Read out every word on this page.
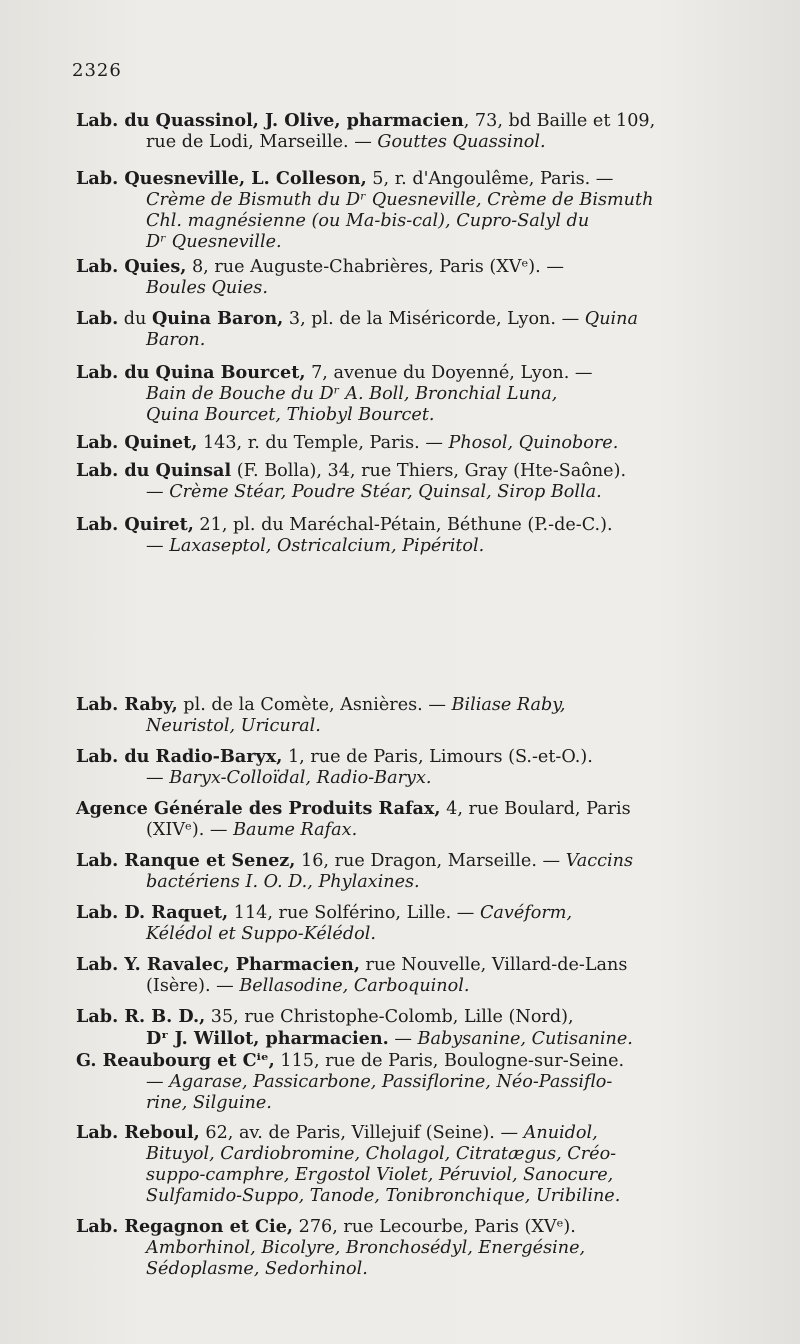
2326
Lab. du Quassinol, J. Olive, pharmacien, 73, bd Baille et 109,
rue de Lodi, Marseille. — Gouttes Quassinol.
Lab. Quesneville, L. Colleson, 5, r. d'Angoulême, Paris. —
Crème de Bismuth du Dʳ Quesneville, Crème de Bismuth
Chl. magnésienne (ou Ma-bis-cal), Cupro-Salyl du
Dʳ Quesneville.
Lab. Quies, 8, rue Auguste-Chabrières, Paris (XVᵉ). —
Boules Quies.
Lab. du Quina Baron, 3, pl. de la Miséricorde, Lyon. — Quina
Baron.
Lab. du Quina Bourcet, 7, avenue du Doyenné, Lyon. —
Bain de Bouche du Dʳ A. Boll, Bronchial Luna,
Quina Bourcet, Thiobyl Bourcet.
Lab. Quinet, 143, r. du Temple, Paris. — Phosol, Quinobore.
Lab. du Quinsal (F. Bolla), 34, rue Thiers, Gray (Hte-Saône).
— Crème Stéar, Poudre Stéar, Quinsal, Sirop Bolla.
Lab. Quiret, 21, pl. du Maréchal-Pétain, Béthune (P.-de-C.).
— Laxaseptol, Ostricalcium, Pipéritol.
Lab. Raby, pl. de la Comète, Asnières. — Biliase Raby,
Neuristol, Uricural.
Lab. du Radio-Baryx, 1, rue de Paris, Limours (S.-et-O.).
— Baryx-Colloïdal, Radio-Baryx.
Agence Générale des Produits Rafax, 4, rue Boulard, Paris
(XIVᵉ). — Baume Rafax.
Lab. Ranque et Senez, 16, rue Dragon, Marseille. — Vaccins
bactériens I. O. D., Phylaxines.
Lab. D. Raquet, 114, rue Solférino, Lille. — Cavéform,
Kélédol et Suppo-Kélédol.
Lab. Y. Ravalec, Pharmacien, rue Nouvelle, Villard-de-Lans
(Isère). — Bellasodine, Carboquinol.
Lab. R. B. D., 35, rue Christophe-Colomb, Lille (Nord),
Dʳ J. Willot, pharmacien. — Babysanine, Cutisanine.
G. Reaubourg et Cⁱᵉ, 115, rue de Paris, Boulogne-sur-Seine.
— Agarase, Passicarbone, Passiflorine, Néo-Passiflo-
rine, Silguine.
Lab. Reboul, 62, av. de Paris, Villejuif (Seine). — Anuidol,
Bituyol, Cardiobromine, Cholagol, Citratægus, Créo-
suppo-camphre, Ergostol Violet, Péruviol, Sanocure,
Sulfamido-Suppo, Tanode, Tonibronchique, Uribiline.
Lab. Regagnon et Cie, 276, rue Lecourbe, Paris (XVᵉ).
Amborhinol, Bicolyre, Bronchosédyl, Energésine,
Sédoplasme, Sedorhinol.
